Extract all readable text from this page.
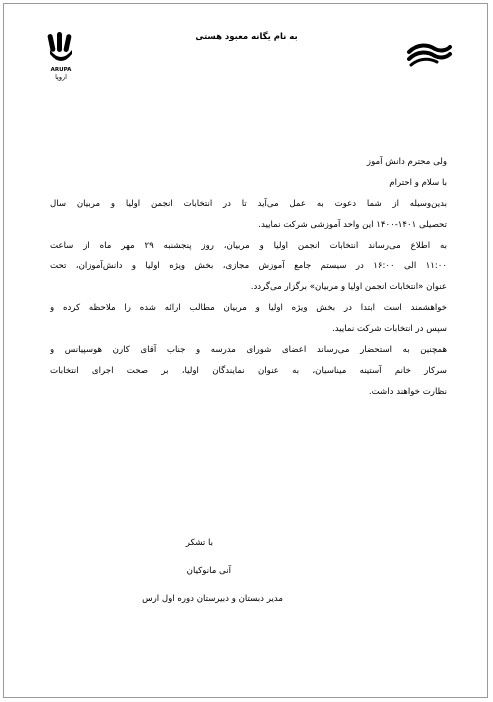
به نام یگانه معبود هستی
ARUPA
اروپا
ولی محترم دانش آموز
با سلام و احترام
بدین‌وسیله از شما دعوت به عمل می‌آید تا در انتخابات انجمن اولیا و مربیان سال
تحصیلی ۱۴۰۱-۱۴۰۰ این واحد آموزشی شرکت نمایید.
به اطلاع می‌رساند انتخابات انجمن اولیا و مربیان، روز پنجشنبه ۲۹ مهر ماه از ساعت
۱۱:۰۰ الی ۱۶:۰۰ در سیستم جامع آموزش مجازی، بخش ویژه اولیا و دانش‌آموزان، تحت
عنوان «انتخابات انجمن اولیا و مربیان» برگزار می‌گردد.
خواهشمند است ابتدا در بخش ویژه اولیا و مربیان مطالب ارائه شده را ملاحظه کرده و
سپس در انتخابات شرکت نمایید.
همچنین به استحضار می‌رساند اعضای شورای مدرسه و جناب آقای کارن هوسپیانس و
سرکار خانم آستینه میناسیان، به عنوان نمایندگان اولیا، بر صحت اجرای انتخابات
نظارت خواهند داشت.
با تشکر
آنی مانوکیان
مدیر دبستان و دبیرستان دوره اول ارس
